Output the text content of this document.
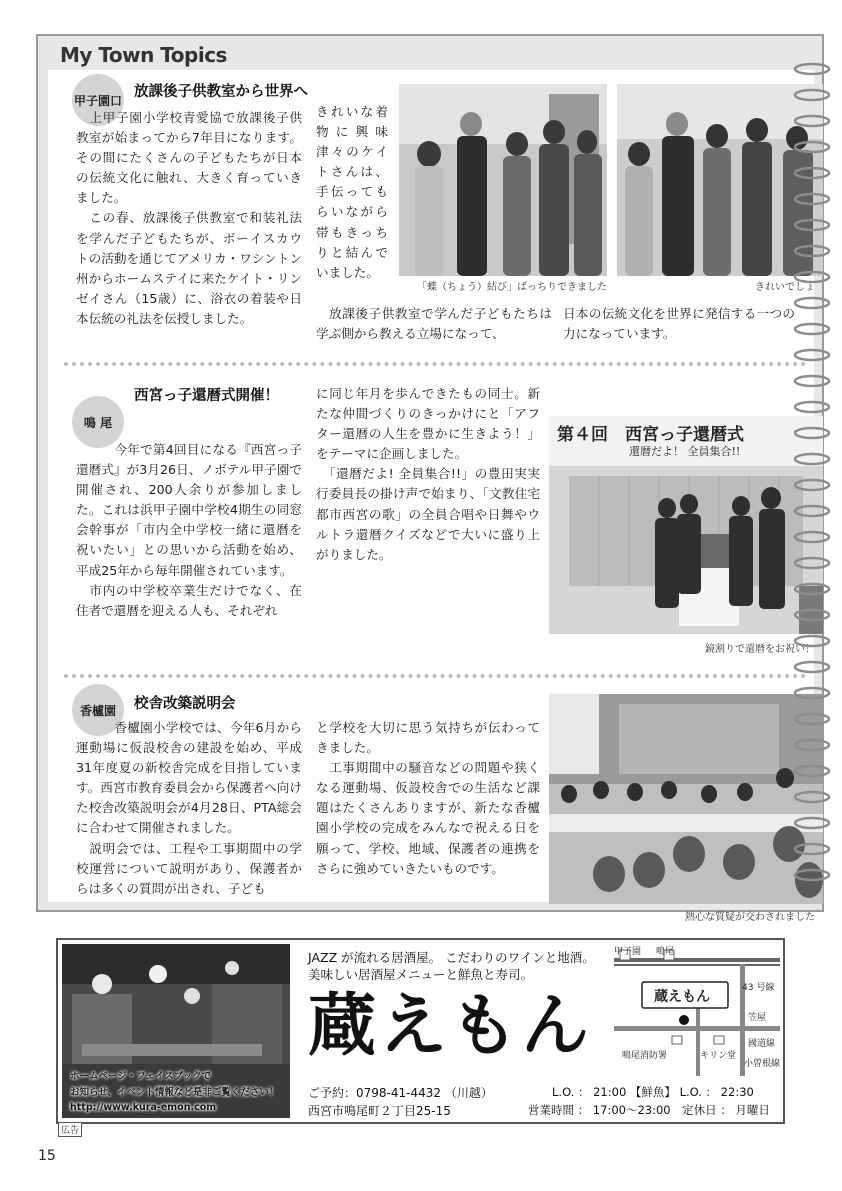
My Town Topics
甲子園口
放課後子供教室から世界へ
　上甲子園小学校青愛協で放課後子供教室が始まってから7年目になります。その間にたくさんの子どもたちが日本の伝統文化に触れ、大きく育っていきました。
　この春、放課後子供教室で和装礼法を学んだ子どもたちが、ボーイスカウトの活動を通じてアメリカ・ワシントン州からホームステイに来たケイト・リンゼイさん（15歳）に、浴衣の着装や日本伝統の礼法を伝授しました。
きれいな着物に興味津々のケイトさんは、手伝ってもらいながら帯もきっちりと結んでいました。
　放課後子供教室で学んだ子どもたちは学ぶ側から教える立場になって、
日本の伝統文化を世界に発信する一つの力になっています。
「蝶（ちょう）結び」ばっちりできました	きれいでしょ
鳴 尾
西宮っ子還暦式開催！
　　　今年で第4回目になる『西宮っ子還暦式』が3月26日、ノボテル甲子園で開催され、200人余りが参加しました。これは浜甲子園中学校4期生の同窓会幹事が「市内全中学校一緒に還暦を祝いたい」との思いから活動を始め、平成25年から毎年開催されています。
　市内の中学校卒業生だけでなく、在住者で還暦を迎える人も、それぞれ
に同じ年月を歩んできたもの同士。新たな仲間づくりのきっかけにと「アフター還暦の人生を豊かに生きよう！」をテーマに企画しました。
　「還暦だよ! 全員集合!!」の豊田実実行委員長の掛け声で始まり、「文教住宅都市西宮の歌」の全員合唱や日舞やウルトラ還暦クイズなどで大いに盛り上がりました。
第４回　西宮っ子還暦式
還暦だよ！ 全員集合!!
鏡割りで還暦をお祝い！
香櫨園	校舎改築説明会
　　　香櫨園小学校では、今年6月から運動場に仮設校舎の建設を始め、平成31年度夏の新校舎完成を目指しています。西宮市教育委員会から保護者へ向けた校舎改築説明会が4月28日、PTA総会に合わせて開催されました。
　説明会では、工程や工事期間中の学校運営について説明があり、保護者からは多くの質問が出され、子ども
と学校を大切に思う気持ちが伝わってきました。
　工事期間中の騒音などの問題や狭くなる運動場、仮設校舎での生活など課題はたくさんありますが、新たな香櫨園小学校の完成をみんなで祝える日を願って、学校、地域、保護者の連携をさらに強めていきたいものです。
熱心な質疑が交わされました
ホームページ・フェイスブックで
お知らせ、イベント情報など是非ご覧ください！
http://www.kura-emon.com
JAZZ が流れる居酒屋。 こだわりのワインと地酒。
美味しい居酒屋メニューと鮮魚と寿司。
蔵えもん
ご予約：0798-41-4432 （川越）
西宮市鳴尾町２丁目25-15
L.O. ： 21:00 【鮮魚】 L.O. ： 22:30
営業時間 ： 17:00〜23:00　定休日 ： 月曜日
甲子園 鳴尾
蔵えもん
43 号線
笠屋
國道線
小曽根線
鳴尾消防署	キリン堂
広告
15
